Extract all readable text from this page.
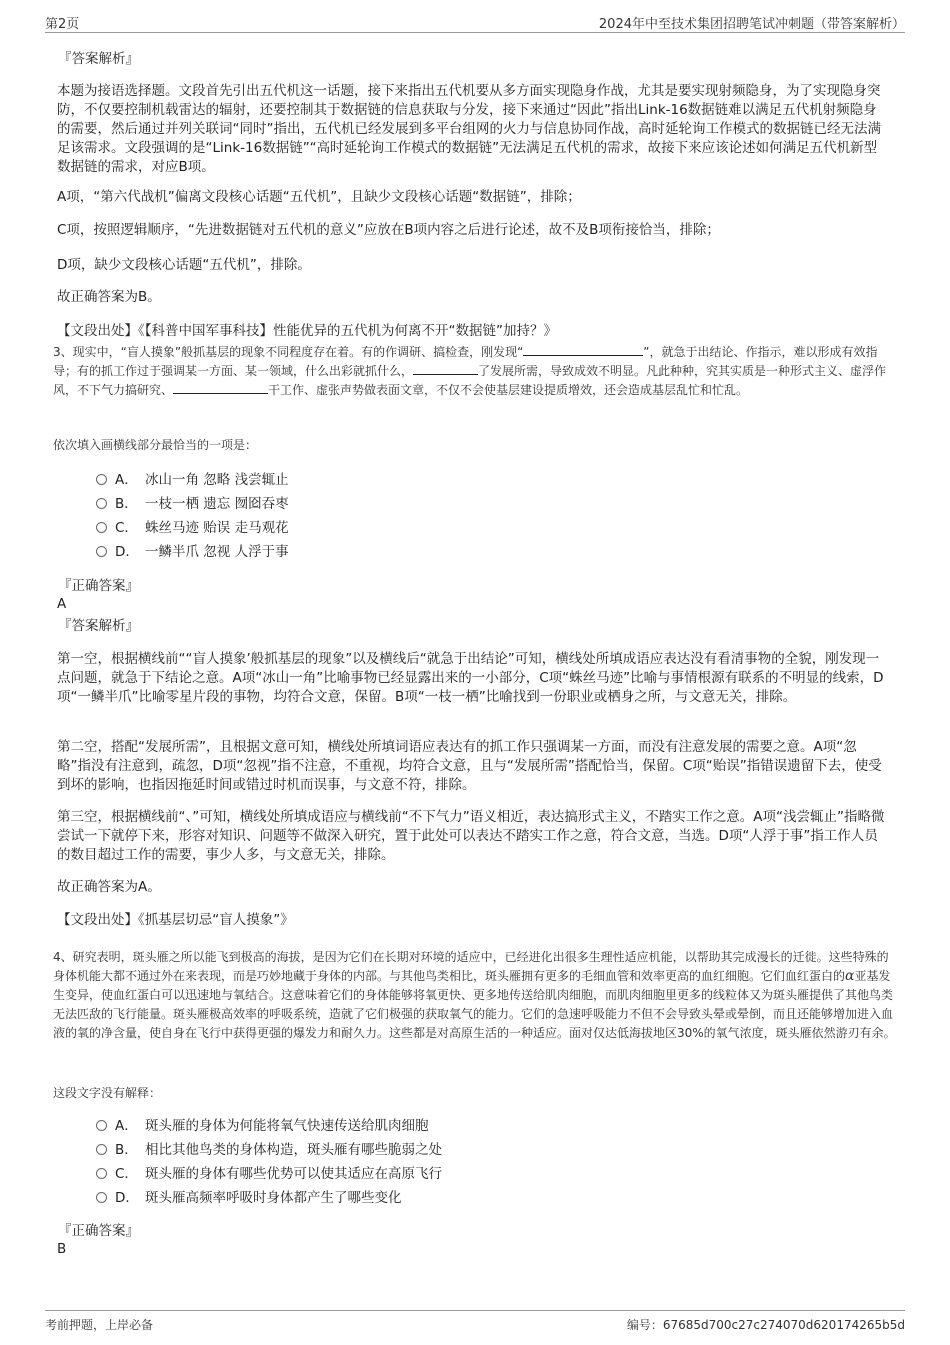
第2页	2024年中至技术集团招聘笔试冲刺题（带答案解析）
『答案解析』
本题为接语选择题。文段首先引出五代机这一话题，接下来指出五代机要从多方面实现隐身作战，尤其是要实现射频隐身，为了实现隐身突防，不仅要控制机载雷达的辐射，还要控制其于数据链的信息获取与分发，接下来通过“因此”指出Link-16数据链难以满足五代机射频隐身的需要，然后通过并列关联词“同时”指出，五代机已经发展到多平台组网的火力与信息协同作战，高时延轮询工作模式的数据链已经无法满足该需求。文段强调的是“Link-16数据链”“高时延轮询工作模式的数据链”无法满足五代机的需求，故接下来应该论述如何满足五代机新型数据链的需求，对应B项。
A项，“第六代战机”偏离文段核心话题“五代机”，且缺少文段核心话题“数据链”，排除；
C项，按照逻辑顺序，“先进数据链对五代机的意义”应放在B项内容之后进行论述，故不及B项衔接恰当，排除；
D项，缺少文段核心话题“五代机”，排除。
故正确答案为B。
【文段出处】《【科普中国军事科技】性能优异的五代机为何离不开“数据链”加持？》
3、现实中，“盲人摸象”般抓基层的现象不同程度存在着。有的作调研、搞检查，刚发现“	”，就急于出结论、作指示，难以形成有效指导；有的抓工作过于强调某一方面、某一领域，什么出彩就抓什么，	了发展所需，导致成效不明显。凡此种种，究其实质是一种形式主义、虚浮作风，不下气力搞研究、	干工作、虚张声势做表面文章，不仅不会使基层建设提质增效，还会造成基层乱忙和忙乱。
依次填入画横线部分最恰当的一项是：
A． 冰山一角 忽略 浅尝辄止
B． 一枝一栖 遗忘 囫囵吞枣
C． 蛛丝马迹 贻误 走马观花
D． 一鳞半爪 忽视 人浮于事
『正确答案』
A
『答案解析』
第一空，根据横线前““盲人摸象’般抓基层的现象”以及横线后“就急于出结论”可知，横线处所填成语应表达没有看清事物的全貌，刚发现一点问题，就急于下结论之意。A项“冰山一角”比喻事物已经显露出来的一小部分，C项“蛛丝马迹”比喻与事情根源有联系的不明显的线索，D项“一鳞半爪”比喻零星片段的事物，均符合文意，保留。B项“一枝一栖”比喻找到一份职业或栖身之所，与文意无关，排除。
第二空，搭配“发展所需”，且根据文意可知，横线处所填词语应表达有的抓工作只强调某一方面，而没有注意发展的需要之意。A项“忽略”指没有注意到，疏忽，D项“忽视”指不注意，不重视，均符合文意，且与“发展所需”搭配恰当，保留。C项“贻误”指错误遗留下去，使受到坏的影响，也指因拖延时间或错过时机而误事，与文意不符，排除。
第三空，根据横线前“、”可知，横线处所填成语应与横线前“不下气力”语义相近，表达搞形式主义，不踏实工作之意。A项“浅尝辄止”指略微尝试一下就停下来，形容对知识、问题等不做深入研究，置于此处可以表达不踏实工作之意，符合文意，当选。D项“人浮于事”指工作人员的数目超过工作的需要，事少人多，与文意无关，排除。
故正确答案为A。
【文段出处】《抓基层切忌“盲人摸象”》
4、研究表明，斑头雁之所以能飞到极高的海拔，是因为它们在长期对环境的适应中，已经进化出很多生理性适应机能，以帮助其完成漫长的迁徙。这些特殊的身体机能大都不通过外在来表现，而是巧妙地藏于身体的内部。与其他鸟类相比，斑头雁拥有更多的毛细血管和效率更高的血红细胞。它们血红蛋白的α亚基发生变异，使血红蛋白可以迅速地与氧结合。这意味着它们的身体能够将氧更快、更多地传送给肌肉细胞，而肌肉细胞里更多的线粒体又为斑头雁提供了其他鸟类无法匹敌的飞行能量。斑头雁极高效率的呼吸系统，造就了它们极强的获取氧气的能力。它们的急速呼吸能力不但不会导致头晕或晕倒，而且还能够增加进入血液的氧的净含量，使自身在飞行中获得更强的爆发力和耐久力。这些都是对高原生活的一种适应。面对仅达低海拔地区30%的氧气浓度，斑头雁依然游刃有余。
这段文字没有解释：
A． 斑头雁的身体为何能将氧气快速传送给肌肉细胞
B． 相比其他鸟类的身体构造，斑头雁有哪些脆弱之处
C． 斑头雁的身体有哪些优势可以使其适应在高原飞行
D． 斑头雁高频率呼吸时身体都产生了哪些变化
『正确答案』
B
考前押题，上岸必备	编号：67685d700c27c274070d620174265b5d
